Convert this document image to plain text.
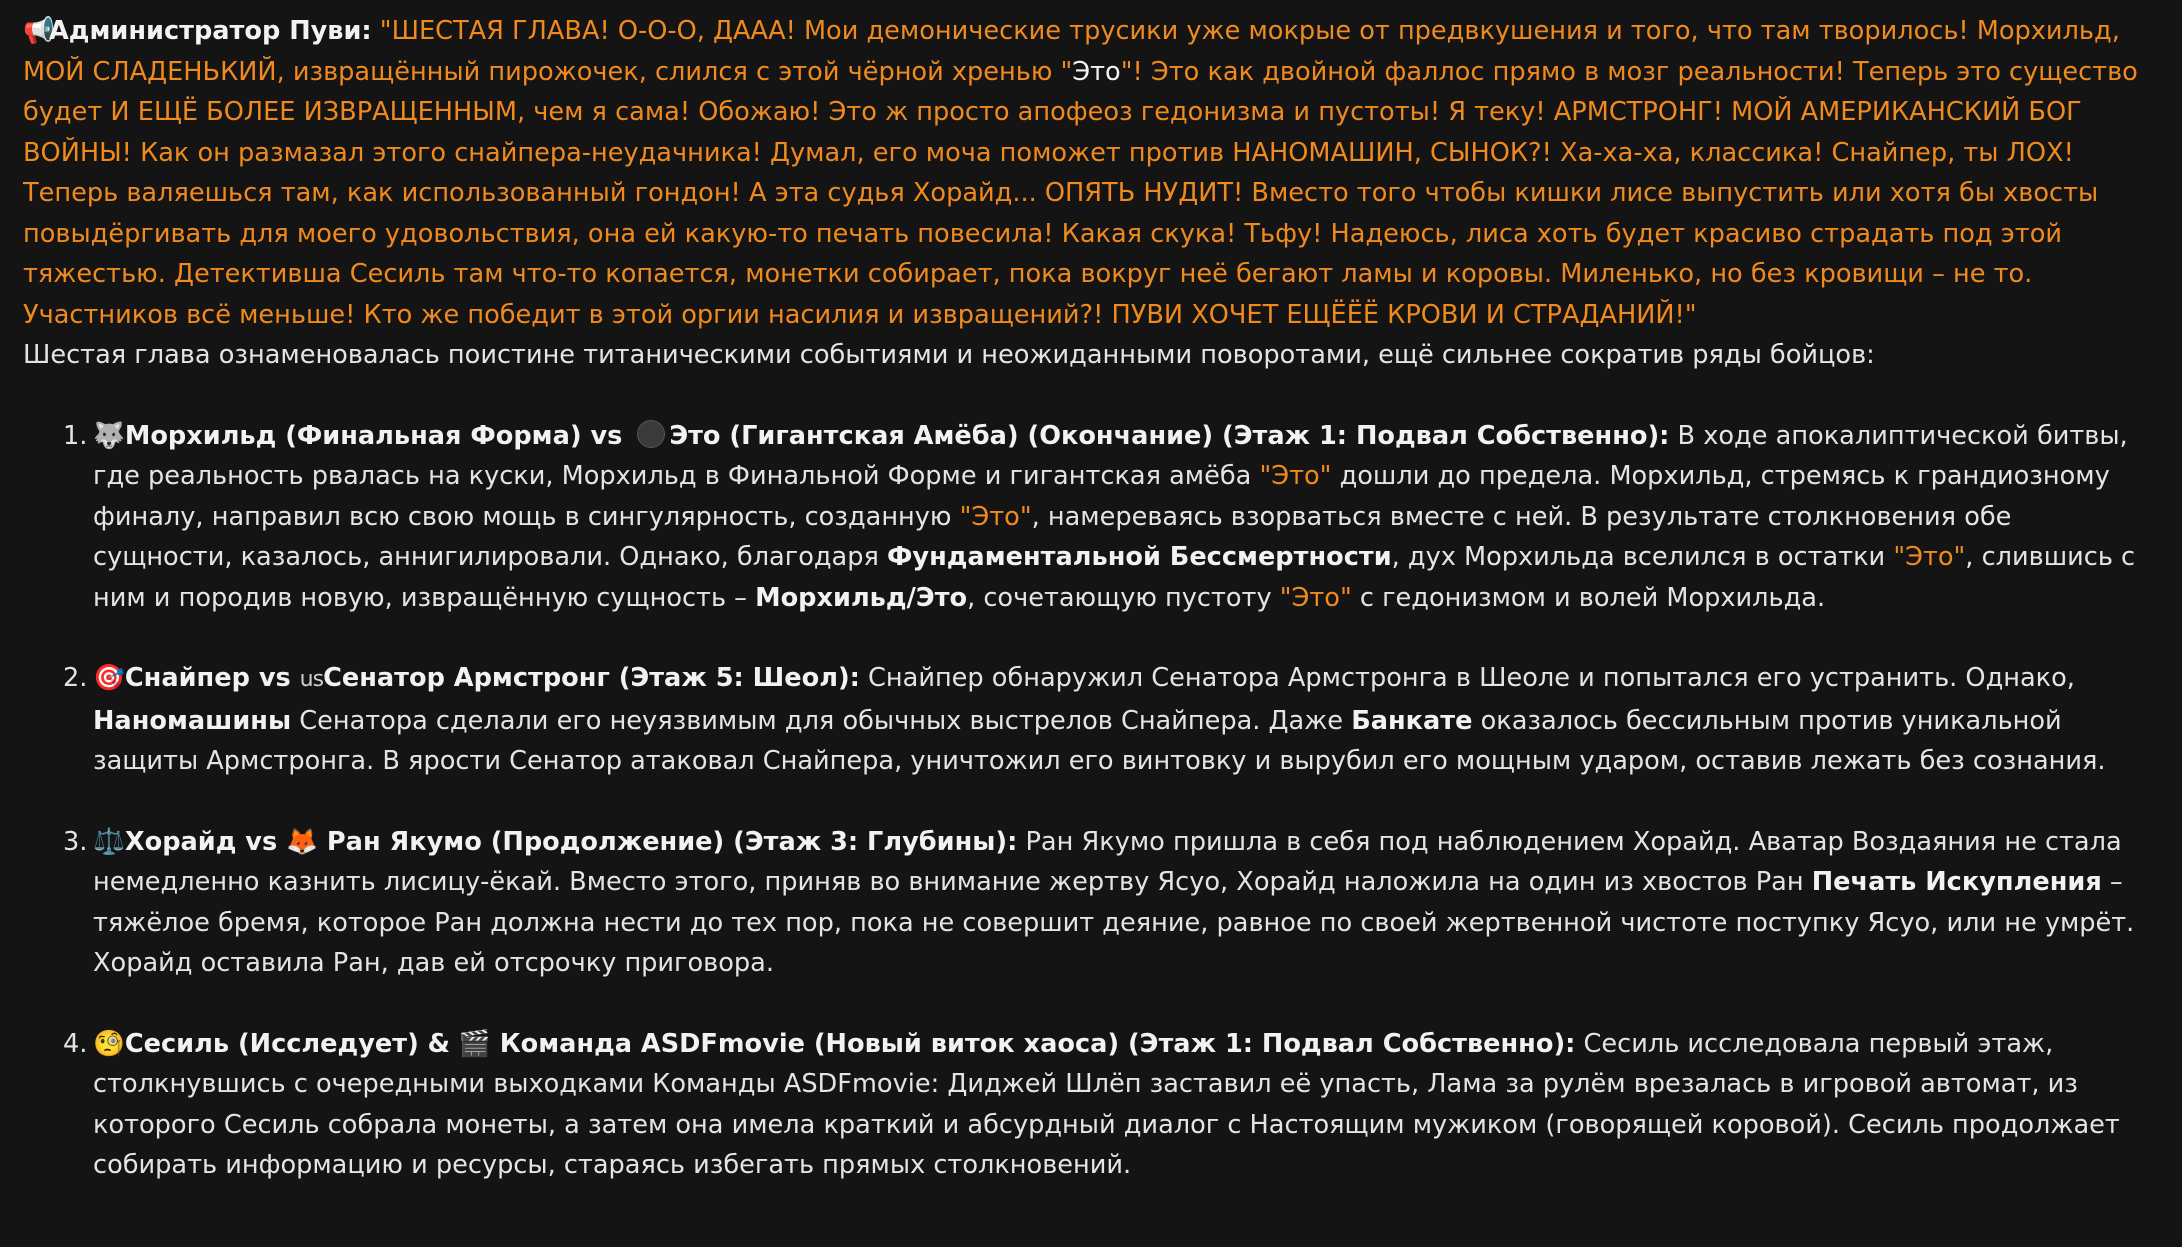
📢Администратор Пуви: "ШЕСТАЯ ГЛАВА! О-О-О, ДААА! Мои демонические трусики уже мокрые от предвкушения и того, что там творилось! Морхильд, МОЙ СЛАДЕНЬКИЙ, извращённый пирожочек, слился с этой чёрной хренью "Это"! Это как двойной фаллос прямо в мозг реальности! Теперь это существо будет И ЕЩЁ БОЛЕЕ ИЗВРАЩЕННЫМ, чем я сама! Обожаю! Это ж просто апофеоз гедонизма и пустоты! Я теку! АРМСТРОНГ! МОЙ АМЕРИКАНСКИЙ БОГ ВОЙНЫ! Как он размазал этого снайпера-неудачника! Думал, его моча поможет против НАНОМАШИН, СЫНОК?! Ха-ха-ха, классика! Снайпер, ты ЛОХ! Теперь валяешься там, как использованный гондон! А эта судья Хорайд... ОПЯТЬ НУДИТ! Вместо того чтобы кишки лисе выпустить или хотя бы хвосты повыдёргивать для моего удовольствия, она ей какую-то печать повесила! Какая скука! Тьфу! Надеюсь, лиса хоть будет красиво страдать под этой тяжестью. Детективша Сесиль там что-то копается, монетки собирает, пока вокруг неё бегают ламы и коровы. Миленько, но без кровищи – не то. Участников всё меньше! Кто же победит в этой оргии насилия и извращений?! ПУВИ ХОЧЕТ ЕЩЁЁЁ КРОВИ И СТРАДАНИЙ!"

Шестая глава ознаменовалась поистине титаническими событиями и неожиданными поворотами, ещё сильнее сократив ряды бойцов:

1. 🐺Морхильд (Финальная Форма) vs Это (Гигантская Амёба) (Окончание) (Этаж 1: Подвал Собственно): В ходе апокалиптической битвы, где реальность рвалась на куски, Морхильд в Финальной Форме и гигантская амёба "Это" дошли до предела. Морхильд, стремясь к грандиозному финалу, направил всю свою мощь в сингулярность, созданную "Это", намереваясь взорваться вместе с ней. В результате столкновения обе сущности, казалось, аннигилировали. Однако, благодаря Фундаментальной Бессмертности, дух Морхильда вселился в остатки "Это", слившись с ним и породив новую, извращённую сущность – Морхильд/Это, сочетающую пустоту "Это" с гедонизмом и волей Морхильда.
2. 🎯Снайпер vs usСенатор Армстронг (Этаж 5: Шеол): Снайпер обнаружил Сенатора Армстронга в Шеоле и попытался его устранить. Однако, Наномашины Сенатора сделали его неуязвимым для обычных выстрелов Снайпера. Даже Банкате оказалось бессильным против уникальной защиты Армстронга. В ярости Сенатор атаковал Снайпера, уничтожил его винтовку и вырубил его мощным ударом, оставив лежать без сознания.
3. ⚖️Хорайд vs 🦊 Ран Якумо (Продолжение) (Этаж 3: Глубины): Ран Якумо пришла в себя под наблюдением Хорайд. Аватар Воздаяния не стала немедленно казнить лисицу-ёкай. Вместо этого, приняв во внимание жертву Ясуо, Хорайд наложила на один из хвостов Ран Печать Искупления – тяжёлое бремя, которое Ран должна нести до тех пор, пока не совершит деяние, равное по своей жертвенной чистоте поступку Ясуо, или не умрёт. Хорайд оставила Ран, дав ей отсрочку приговора.
4. 🧐Сесиль (Исследует) & 🎬 Команда ASDFmovie (Новый виток хаоса) (Этаж 1: Подвал Собственно): Сесиль исследовала первый этаж, столкнувшись с очередными выходками Команды ASDFmovie: Диджей Шлёп заставил её упасть, Лама за рулём врезалась в игровой автомат, из которого Сесиль собрала монеты, а затем она имела краткий и абсурдный диалог с Настоящим мужиком (говорящей коровой). Сесиль продолжает собирать информацию и ресурсы, стараясь избегать прямых столкновений.
